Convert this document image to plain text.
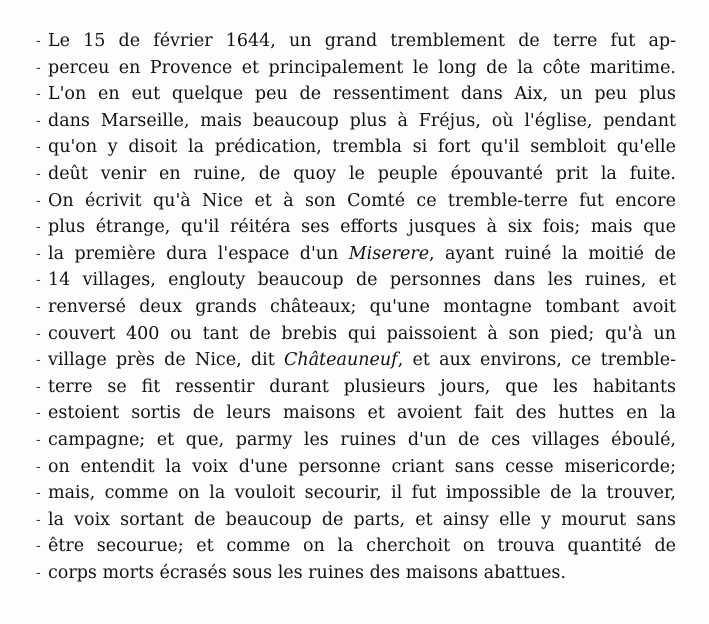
- Le 15 de février 1644, un grand tremblement de terre fut ap-
- perceu en Provence et principalement le long de la côte maritime.
- L'on en eut quelque peu de ressentiment dans Aix, un peu plus
- dans Marseille, mais beaucoup plus à Fréjus, où l'église, pendant
- qu'on y disoit la prédication, trembla si fort qu'il sembloit qu'elle
- deût venir en ruine, de quoy le peuple épouvanté prit la fuite.
- On écrivit qu'à Nice et à son Comté ce tremble-terre fut encore
- plus étrange, qu'il réitéra ses efforts jusques à six fois; mais que
- la première dura l'espace d'un Miserere, ayant ruiné la moitié de
- 14 villages, englouty beaucoup de personnes dans les ruines, et
- renversé deux grands châteaux; qu'une montagne tombant avoit
- couvert 400 ou tant de brebis qui paissoient à son pied; qu'à un
- village près de Nice, dit Châteauneuf, et aux environs, ce tremble-
- terre se fit ressentir durant plusieurs jours, que les habitants
- estoient sortis de leurs maisons et avoient fait des huttes en la
- campagne; et que, parmy les ruines d'un de ces villages éboulé,
- on entendit la voix d'une personne criant sans cesse misericorde;
- mais, comme on la vouloit secourir, il fut impossible de la trouver,
- la voix sortant de beaucoup de parts, et ainsy elle y mourut sans
- être secourue; et comme on la cherchoit on trouva quantité de
- corps morts écrasés sous les ruines des maisons abattues.
